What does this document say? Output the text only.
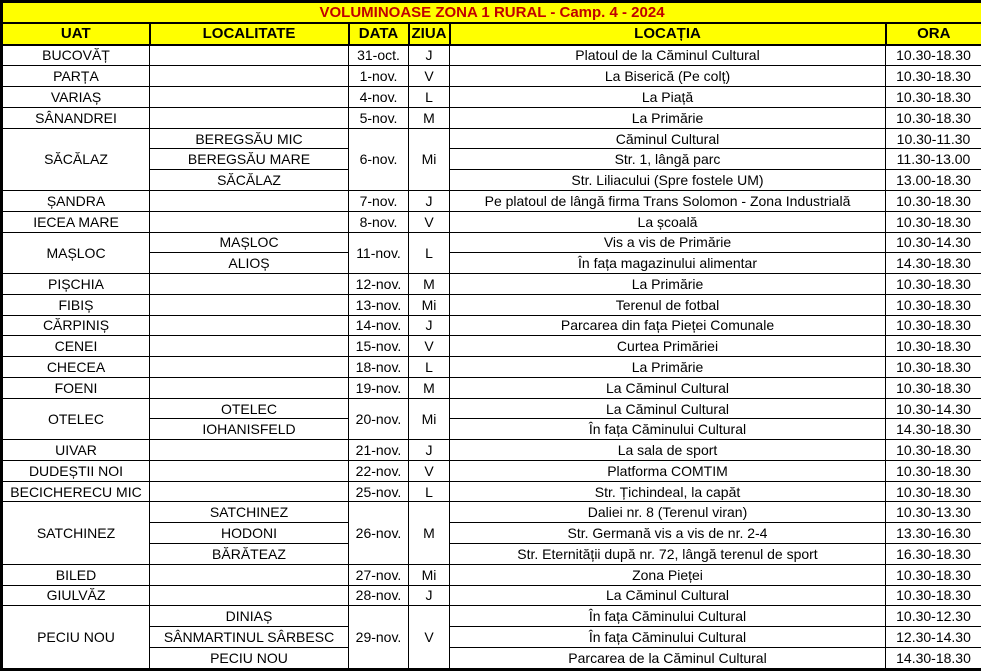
VOLUMINOASE ZONA 1 RURAL - Camp. 4 - 2024					
UAT	LOCALITATE	DATA	ZIUA	LOCAȚIA	ORA
BUCOVĂȚ		31-oct.	J	Platoul de la Căminul Cultural	10.30-18.30
PARȚA		1-nov.	V	La Biserică (Pe colț)	10.30-18.30
VARIAȘ		4-nov.	L	La Piață	10.30-18.30
SÂNANDREI		5-nov.	M	La Primărie	10.30-18.30
SĂCĂLAZ	BEREGSĂU MIC	6-nov.	Mi	Căminul Cultural	10.30-11.30
	BEREGSĂU MARE			Str. 1, lângă parc	11.30-13.00
	SĂCĂLAZ			Str. Liliacului (Spre fostele UM)	13.00-18.30
ȘANDRA		7-nov.	J	Pe platoul de lângă firma Trans Solomon - Zona Industrială	10.30-18.30
IECEA MARE		8-nov.	V	La școală	10.30-18.30
MAȘLOC	MAȘLOC	11-nov.	L	Vis a vis de Primărie	10.30-14.30
	ALIOȘ			În fața magazinului alimentar	14.30-18.30
PIȘCHIA		12-nov.	M	La Primărie	10.30-18.30
FIBIȘ		13-nov.	Mi	Terenul de fotbal	10.30-18.30
CĂRPINIȘ		14-nov.	J	Parcarea din fața Pieței Comunale	10.30-18.30
CENEI		15-nov.	V	Curtea Primăriei	10.30-18.30
CHECEA		18-nov.	L	La Primărie	10.30-18.30
FOENI		19-nov.	M	La Căminul Cultural	10.30-18.30
OTELEC	OTELEC	20-nov.	Mi	La Căminul Cultural	10.30-14.30
	IOHANISFELD			În fața Căminului Cultural	14.30-18.30
UIVAR		21-nov.	J	La sala de sport	10.30-18.30
DUDEȘTII NOI		22-nov.	V	Platforma COMTIM	10.30-18.30
BECICHERECU MIC		25-nov.	L	Str. Țichindeal, la capăt	10.30-18.30
SATCHINEZ	SATCHINEZ	26-nov.	M	Daliei nr. 8 (Terenul viran)	10.30-13.30
	HODONI			Str. Germană vis a vis de nr. 2-4	13.30-16.30
	BĂRĂTEAZ			Str. Eternității după nr. 72, lângă terenul de sport	16.30-18.30
BILED		27-nov.	Mi	Zona Pieței	10.30-18.30
GIULVĂZ		28-nov.	J	La Căminul Cultural	10.30-18.30
PECIU NOU	DINIAȘ	29-nov.	V	În fața Căminului Cultural	10.30-12.30
	SÂNMARTINUL SÂRBESC			În fața Căminului Cultural	12.30-14.30
	PECIU NOU			Parcarea de la Căminul Cultural	14.30-18.30
